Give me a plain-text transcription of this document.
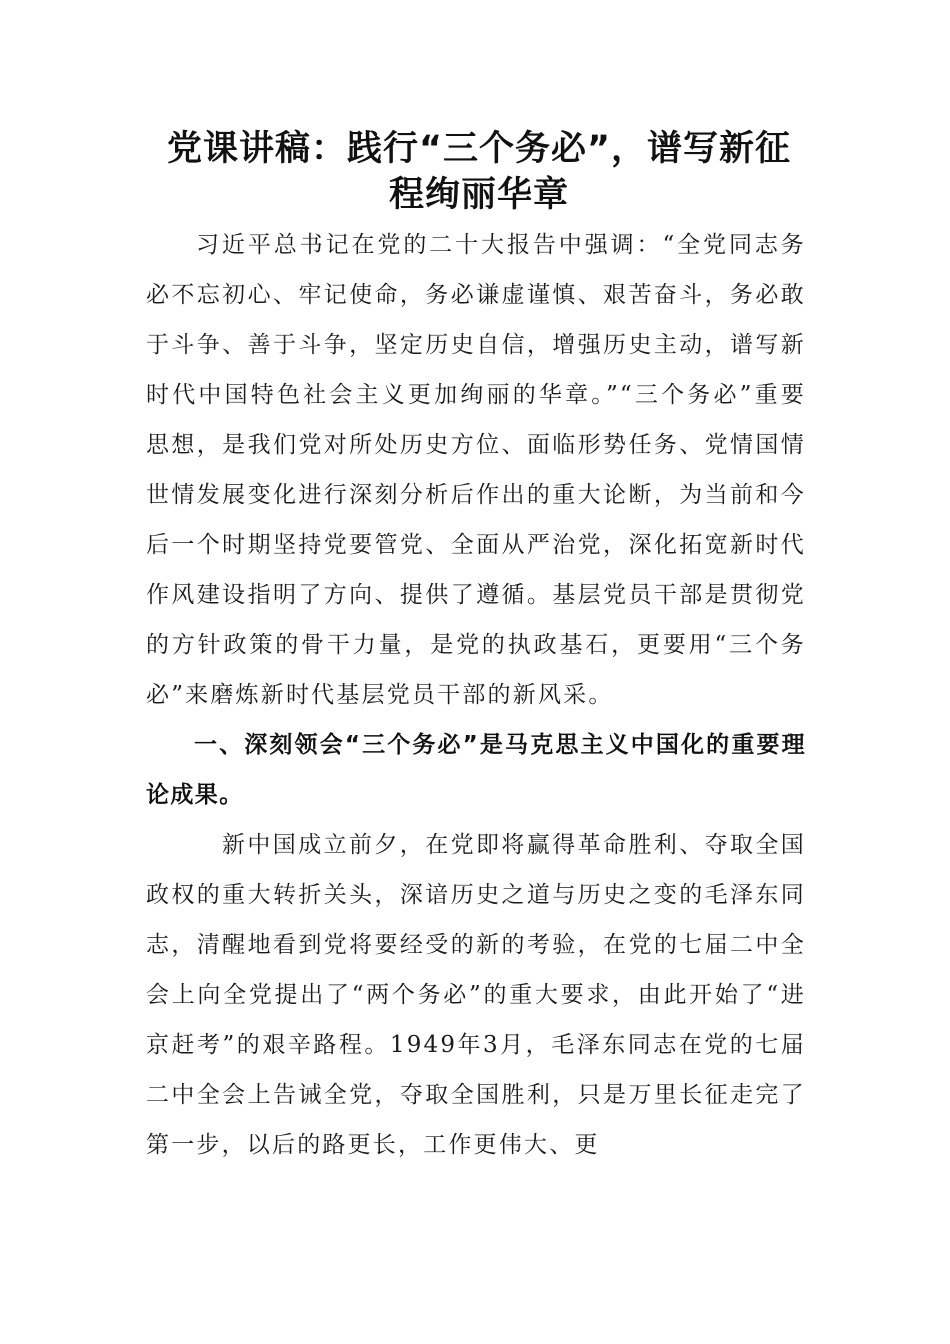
党课讲稿：践行“三个务必”，谱写新征程绚丽华章

习近平总书记在党的二十大报告中强调：“全党同志务必不忘初心、牢记使命，务必谦虚谨慎、艰苦奋斗，务必敢于斗争、善于斗争，坚定历史自信，增强历史主动，谱写新时代中国特色社会主义更加绚丽的华章。”“三个务必”重要思想，是我们党对所处历史方位、面临形势任务、党情国情世情发展变化进行深刻分析后作出的重大论断，为当前和今后一个时期坚持党要管党、全面从严治党，深化拓宽新时代作风建设指明了方向、提供了遵循。基层党员干部是贯彻党的方针政策的骨干力量，是党的执政基石，更要用“三个务必”来磨炼新时代基层党员干部的新风采。

一、深刻领会“三个务必”是马克思主义中国化的重要理论成果。

新中国成立前夕，在党即将赢得革命胜利、夺取全国政权的重大转折关头，深谙历史之道与历史之变的毛泽东同志，清醒地看到党将要经受的新的考验，在党的七届二中全会上向全党提出了“两个务必”的重大要求，由此开始了“进京赶考”的艰辛路程。1949年3月，毛泽东同志在党的七届二中全会上告诫全党，夺取全国胜利，只是万里长征走完了第一步，以后的路更长，工作更伟大、更
